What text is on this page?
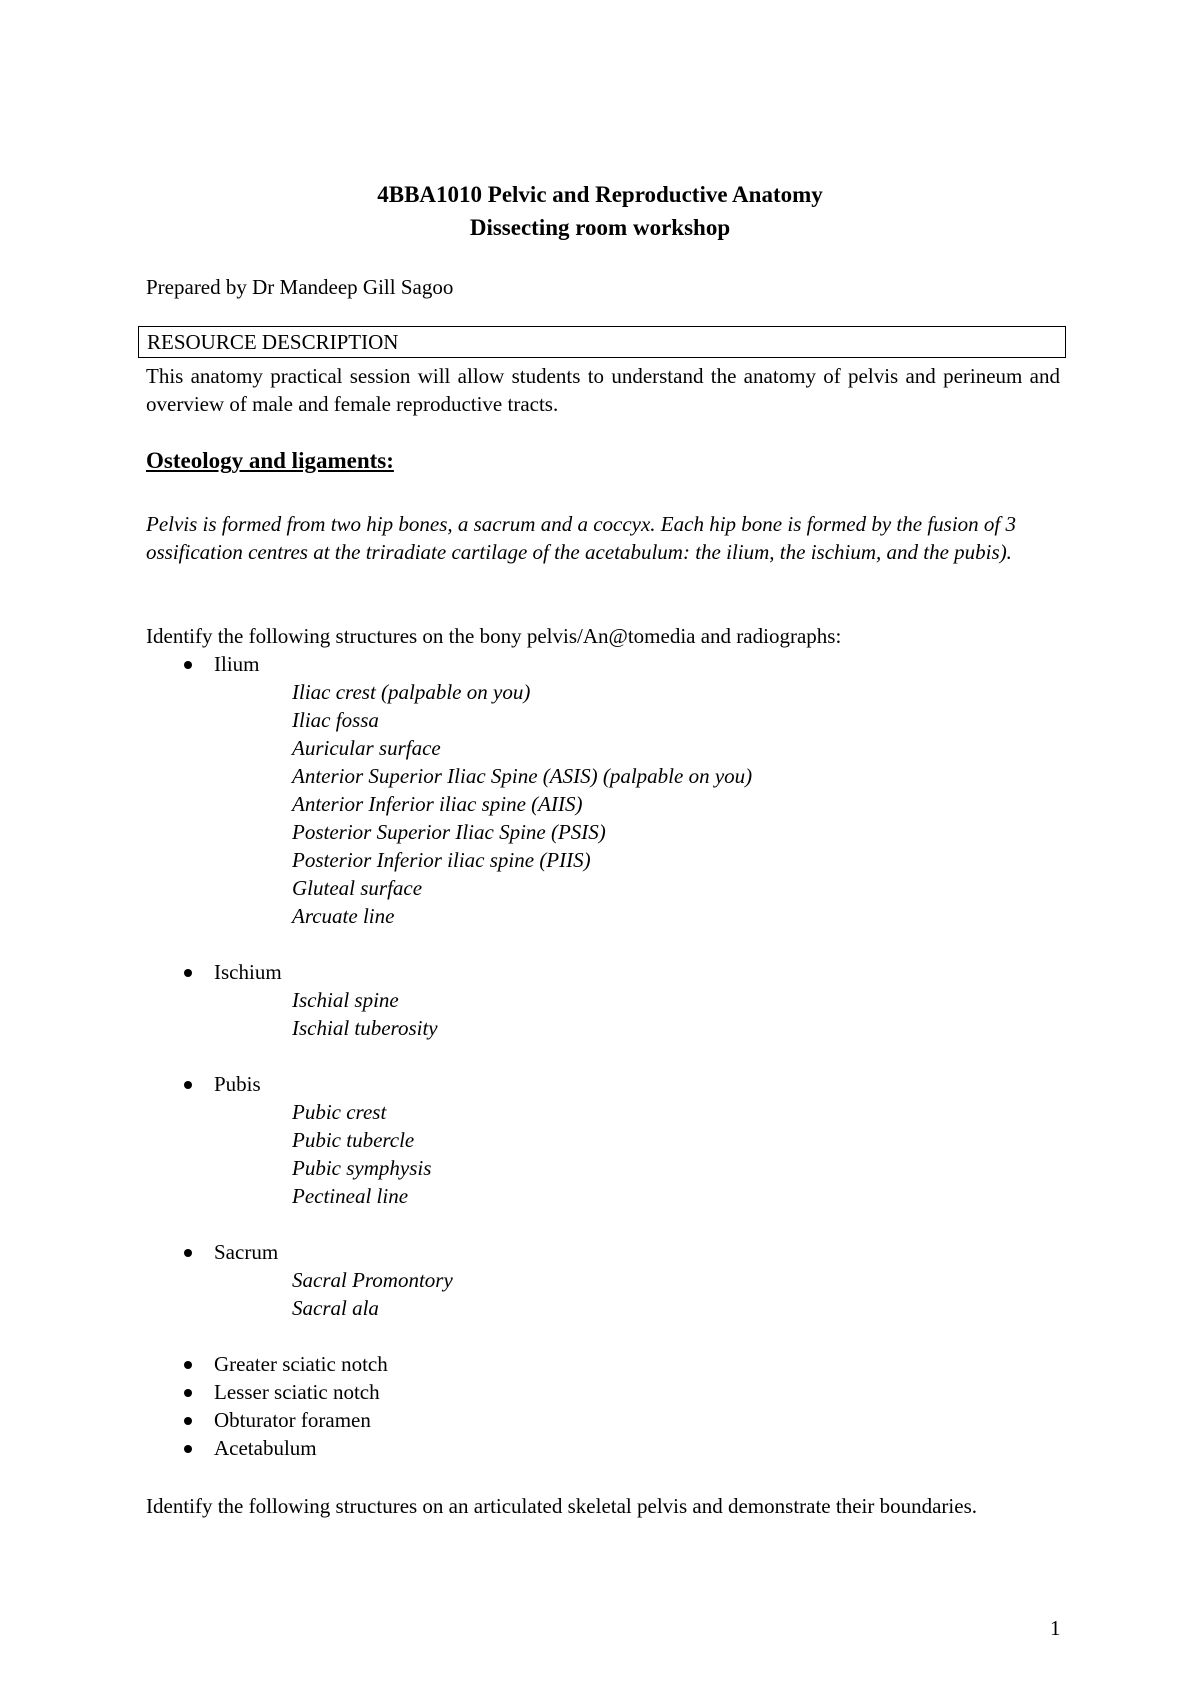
4BBA1010 Pelvic and Reproductive Anatomy
Dissecting room workshop
Prepared by Dr Mandeep Gill Sagoo
RESOURCE DESCRIPTION
This anatomy practical session will allow students to understand the anatomy of pelvis and perineum and overview of male and female reproductive tracts.
Osteology and ligaments:
Pelvis is formed from two hip bones, a sacrum and a coccyx. Each hip bone is formed by the fusion of 3 ossification centres at the triradiate cartilage of the acetabulum: the ilium, the ischium, and the pubis).
Identify the following structures on the bony pelvis/An@tomedia and radiographs:
Ilium
Iliac crest (palpable on you)
Iliac fossa
Auricular surface
Anterior Superior Iliac Spine (ASIS) (palpable on you)
Anterior Inferior iliac spine (AIIS)
Posterior Superior Iliac Spine (PSIS)
Posterior Inferior iliac spine (PIIS)
Gluteal surface
Arcuate line
Ischium
Ischial spine
Ischial tuberosity
Pubis
Pubic crest
Pubic tubercle
Pubic symphysis
Pectineal line
Sacrum
Sacral Promontory
Sacral ala
Greater sciatic notch
Lesser sciatic notch
Obturator foramen
Acetabulum
Identify the following structures on an articulated skeletal pelvis and demonstrate their boundaries.
1
